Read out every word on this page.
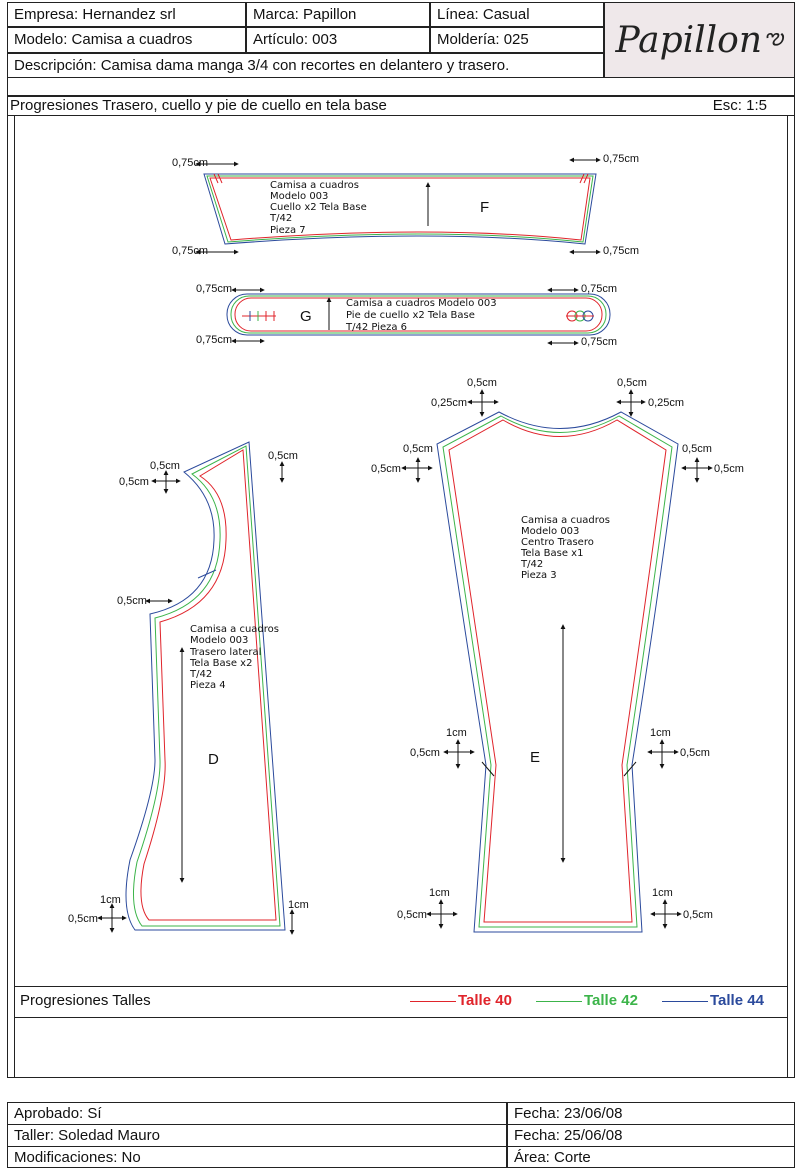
Empresa: Hernandez srl	Marca: Papillon	Línea: Casual
Modelo: Camisa a cuadros	Artículo: 003	Moldería: 025
Descripción: Camisa dama manga 3/4 con recortes en delantero y trasero.
Papillon ఌ
Progresiones Trasero, cuello y pie de cuello en tela base	Esc: 1:5
Camisa a cuadros
Modelo 003
Cuello x2 Tela Base
T/42
Pieza 7
F
0,75cm	0,75cm
0,75cm	0,75cm
G
Camisa a cuadros Modelo 003
Pie de cuello x2 Tela Base
T/42 Pieza 6
0,75cm	0,75cm
0,75cm	0,75cm
Camisa a cuadros
Modelo 003
Trasero lateral
Tela Base x2
T/42
Pieza 4
D
0,5cm
0,5cm
0,5cm
0,5cm
1cm
0,5cm
1cm
Camisa a cuadros
Modelo 003
Centro Trasero
Tela Base x1
T/42
Pieza 3
E
0,5cm
0,25cm
0,5cm
0,25cm
0,5cm
0,5cm
0,5cm
0,5cm
1cm
0,5cm
1cm
0,5cm
1cm
0,5cm
1cm
0,5cm
Progresiones Talles	Talle 40	Talle 42	Talle 44
Aprobado: Sí	Fecha: 23/06/08
Taller: Soledad Mauro	Fecha: 25/06/08
Modificaciones: No	Área: Corte
